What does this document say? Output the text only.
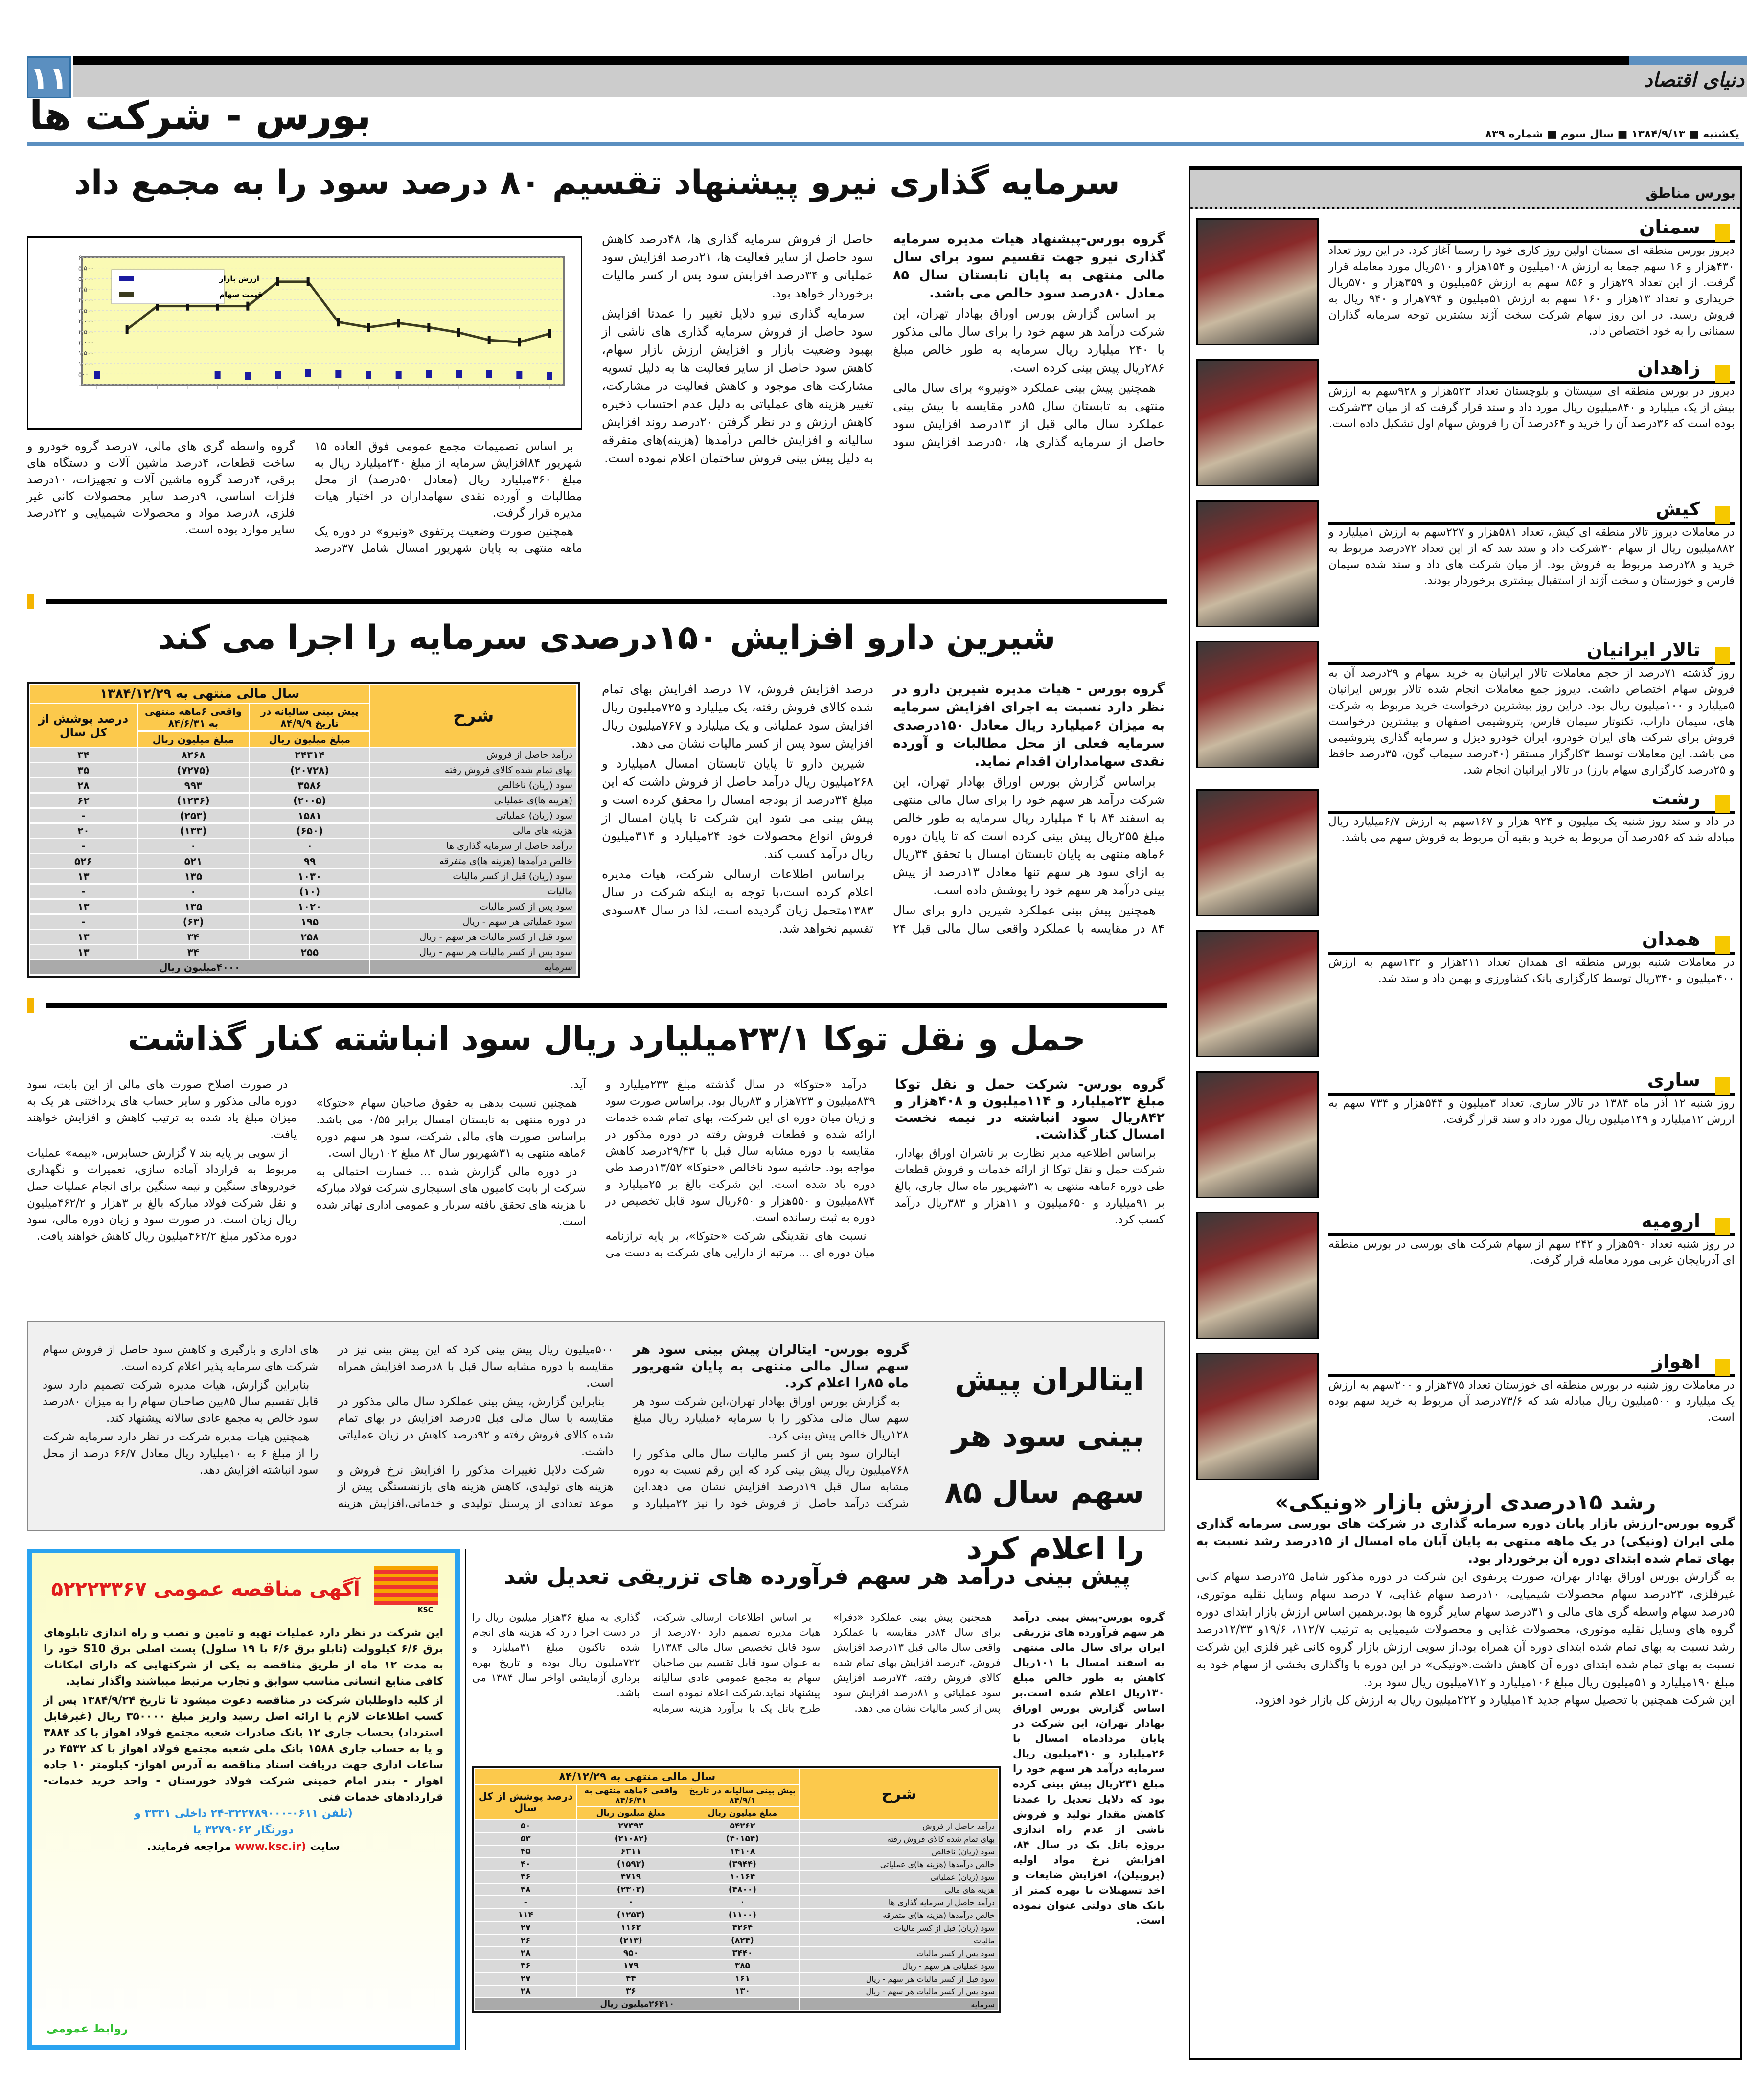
۱۱	دنیای اقتصاد
بورس - شرکت ها	یکشنبه ■ ۱۳۸۴/۹/۱۳ ■ سال سوم ■ شماره ۸۳۹
سرمایه گذاری نیرو پیشنهاد تقسیم ۸۰ درصد سود را به مجمع داد
۰
۵۰۰
۱,۰۰۰
۱,۵۰۰
۲,۰۰۰
۲,۵۰۰
۳,۰۰۰
۳,۵۰۰
۴,۰۰۰
۴,۵۰۰
۵,۰۰۰
۵,۵۰۰
۶,۰۰۰
ارزش بازار
قیمت سهام

گروه بورس-پیشنهاد هیات مدیره سرمایه گذاری نیرو جهت تقسیم سود برای سال مالی منتهی به پایان تابستان سال ۸۵ معادل ۸۰درصد سود خالص می باشد.

بر اساس گزارش بورس اوراق بهادار تهران، این شرکت درآمد هر سهم خود را برای سال مالی مذکور با ۲۴۰ میلیارد ریال سرمایه به طور خالص مبلغ ۲۸۶ریال پیش بینی کرده است.

همچنین پیش بینی عملکرد «ونیرو» برای سال مالی منتهی به تابستان سال ۸۵در مقایسه با پیش بینی عملکرد سال مالی قبل از ۱۳درصد افزایش سود حاصل از سرمایه گذاری ها، ۵۰درصد افزایش سود حاصل از فروش سرمایه گذاری ها، ۴۸درصد کاهش سود حاصل از سایر فعالیت ها، ۲۱درصد افزایش سود عملیاتی و ۳۴درصد افزایش سود پس از کسر مالیات برخوردار خواهد بود.

سرمایه گذاری نیرو دلایل تغییر را عمدتا افزایش سود حاصل از فروش سرمایه گذاری های ناشی از بهبود وضعیت بازار و افزایش ارزش بازار سهام، کاهش سود حاصل از سایر فعالیت ها به دلیل تسویه مشارکت های موجود و کاهش فعالیت در مشارکت، تغییر هزینه های عملیاتی به دلیل عدم احتساب ذخیره کاهش ارزش و در نظر گرفتن ۲۰درصد روند افزایش سالیانه و افزایش خالص درآمدها (هزینه)های متفرقه به دلیل پیش بینی فروش ساختمان اعلام نموده است.

بر اساس تصمیمات مجمع عمومی فوق العاده ۱۵ شهریور ۸۴افزایش سرمایه از مبلغ ۲۴۰میلیارد ریال به مبلغ ۳۶۰میلیارد ریال (معادل ۵۰درصد) از محل مطالبات و آورده نقدی سهامداران در اختیار هیات مدیره قرار گرفت.

همچنین صورت وضعیت پرتفوی «ونیرو» در دوره یک ماهه منتهی به پایان شهریور امسال شامل ۳۷درصد گروه واسطه گری های مالی، ۷درصد گروه خودرو و ساخت قطعات، ۴درصد ماشین آلات و دستگاه های برقی، ۴درصد گروه ماشین آلات و تجهیزات، ۱۰درصد فلزات اساسی، ۹درصد سایر محصولات کانی غیر فلزی، ۸درصد مواد و محصولات شیمیایی و ۲۲درصد سایر موارد بوده است.

شیرین دارو افزایش ۱۵۰درصدی سرمایه را اجرا می کند
شرح	سال مالی منتهی به ۱۳۸۴/۱۲/۲۹		
	پیش بینی سالیانه در تاریخ ۸۴/۹/۹	واقعی ۶ماهه منتهی به ۸۴/۶/۳۱	درصد پوشش از کل سال
	مبلغ میلیون ریال	مبلغ میلیون ریال	
درآمد حاصل از فروش	۲۴۳۱۴	۸۲۶۸	۳۴
بهای تمام شده کالای فروش رفته	(۲۰۷۲۸)	(۷۲۷۵)	۳۵
سود (زیان) ناخالص	۳۵۸۶	۹۹۳	۲۸
(هزینه ها)ی عملیاتی	(۲۰۰۵)	(۱۲۴۶)	۶۲
سود (زیان) عملیاتی	۱۵۸۱	(۲۵۳)	-
هزینه های مالی	(۶۵۰)	(۱۳۳)	۲۰
درآمد حاصل از سرمایه گذاری ها	۰	۰	-
خالص درآمدها (هزینه ها)ی متفرقه	۹۹	۵۲۱	۵۲۶
سود (زیان) قبل از کسر مالیات	۱۰۳۰	۱۳۵	۱۳
مالیات	(۱۰)	۰	-
سود پس از کسر مالیات	۱۰۲۰	۱۳۵	۱۳
سود عملیاتی هر سهم - ریال	۱۹۵	(۶۳)	-
سود قبل از کسر مالیات هر سهم - ریال	۲۵۸	۳۴	۱۳
سود پس از کسر مالیات هر سهم - ریال	۲۵۵	۳۴	۱۳
سرمایه	۴۰۰۰میلیون ریال		

گروه بورس - هیات مدیره شیرین دارو در نظر دارد نسبت به اجرای افزایش سرمایه به میزان ۶میلیارد ریال معادل ۱۵۰درصدی سرمایه فعلی از محل مطالبات و آورده نقدی سهامداران اقدام نماید.

براساس گزارش بورس اوراق بهادار تهران، این شرکت درآمد هر سهم خود را برای سال مالی منتهی به اسفند ۸۴ با ۴ میلیارد ریال سرمایه به طور خالص مبلغ ۲۵۵ریال پیش بینی کرده است که تا پایان دوره ۶ماهه منتهی به پایان تابستان امسال با تحقق ۳۴ریال به ازای سود هر سهم تنها معادل ۱۳درصد از پیش بینی درآمد هر سهم خود را پوشش داده است.

همچنین پیش بینی عملکرد شیرین دارو برای سال ۸۴ در مقایسه با عملکرد واقعی سال مالی قبل ۲۴ درصد افزایش فروش، ۱۷ درصد افزایش بهای تمام شده کالای فروش رفته، یک میلیارد و ۷۲۵میلیون ریال افزایش سود عملیاتی و یک میلیارد و ۷۶۷میلیون ریال افزایش سود پس از کسر مالیات نشان می دهد.

شیرین دارو تا پایان تابستان امسال ۸میلیارد و ۲۶۸میلیون ریال درآمد حاصل از فروش داشت که این مبلغ ۳۴درصد از بودجه امسال را محقق کرده است و پیش بینی می شود این شرکت تا پایان امسال از فروش انواع محصولات خود ۲۴میلیارد و ۳۱۴میلیون ریال درآمد کسب کند.

براساس اطلاعات ارسالی شرکت، هیات مدیره اعلام کرده است،با توجه به اینکه شرکت در سال ۱۳۸۳متحمل زیان گردیده است، لذا در سال ۸۴سودی تقسیم نخواهد شد.

حمل و نقل توکا ۲۳/۱میلیارد ریال سود انباشته کنار گذاشت

گروه بورس- شرکت حمل و نقل توکا مبلغ ۲۳میلیارد و ۱۱۴میلیون و ۴۰۸هزار و ۸۴۲ریال سود انباشته در نیمه نخست امسال کنار گذاشت.

براساس اطلاعیه مدیر نظارت بر ناشران اوراق بهادار، شرکت حمل و نقل توکا از ارائه خدمات و فروش قطعات طی دوره ۶ماهه منتهی به ۳۱شهریور ماه سال جاری، بالغ بر ۹۱میلیارد و ۶۵۰میلیون و ۱۱هزار و ۳۸۳ریال درآمد کسب کرد.

درآمد «حتوکا» در سال گذشته مبلغ ۲۳۳میلیارد و ۸۳۹میلیون و ۷۲۳هزار و ۸۳ریال بود. براساس صورت سود و زیان میان دوره ای این شرکت، بهای تمام شده خدمات ارائه شده و قطعات فروش رفته در دوره مذکور در مقایسه با دوره مشابه سال قبل با ۲۹/۴۳درصد کاهش مواجه بود. حاشیه سود ناخالص «حتوکا» ۱۳/۵۲درصد طی دوره یاد شده است. این شرکت بالغ بر ۲۵میلیارد و ۸۷۴میلیون و ۵۵۰هزار و ۶۵۰ریال سود قابل تخصیص در دوره به ثبت رسانده است.

نسبت های نقدینگی شرکت «حتوکا»، بر پایه ترازنامه میان دوره ای ... مرتبه از دارایی های شرکت به دست می آید.

همچنین نسبت بدهی به حقوق صاحبان سهام «حتوکا» در دوره منتهی به تابستان امسال برابر ۰/۵۵ می باشد. براساس صورت های مالی شرکت، سود هر سهم دوره ۶ماهه منتهی به ۳۱شهریور سال ۸۴ مبلغ ۱۰۲ریال است.

در دوره مالی گزارش شده ... خسارت احتمالی به شرکت از بابت کامیون های استیجاری شرکت فولاد مبارکه با هزینه های تحقق یافته سربار و عمومی اداری تهاتر شده است.

در صورت اصلاح صورت های مالی از این بابت، سود دوره مالی مذکور و سایر حساب های پرداختنی هر یک به میزان مبلغ یاد شده به ترتیب کاهش و افزایش خواهند یافت.

از سویی بر پایه بند ۷ گزارش حسابرس، «بیمه» عملیات مربوط به قرارداد آماده سازی، تعمیرات و نگهداری خودروهای سنگین و نیمه سنگین برای انجام عملیات حمل و نقل شرکت فولاد مبارکه بالغ بر ۳هزار و ۴۶۲/۲میلیون ریال زیان است. در صورت سود و زیان دوره مالی، سود دوره مذکور مبلغ ۴۶۲/۲میلیون ریال کاهش خواهند یافت.

ایتالران پیش بینی سود هر سهم سال ۸۵ را اعلام کرد

گروه بورس- ایتالران پیش بینی سود هر سهم سال مالی منتهی به پایان شهریور ماه ۸۵را اعلام کرد.

به گزارش بورس اوراق بهادار تهران،این شرکت سود هر سهم سال مالی مذکور را با سرمایه ۶میلیارد ریال مبلغ ۱۲۸ریال خالص پیش بینی کرد.

ایتالران سود پس از کسر مالیات سال مالی مذکور را ۷۶۸میلیون ریال پیش بینی کرد که این رقم نسبت به دوره مشابه سال قبل ۱۹درصد افزایش نشان می دهد.این شرکت درآمد حاصل از فروش خود را نیز ۲۲میلیارد و ۵۰۰میلیون ریال پیش بینی کرد که این پیش بینی نیز در مقایسه با دوره مشابه سال قبل با ۸درصد افزایش همراه است.

بنابراین گزارش، پیش بینی عملکرد سال مالی مذکور در مقایسه با سال مالی قبل ۵درصد افزایش در بهای تمام شده کالای فروش رفته و ۹۲درصد کاهش در زیان عملیاتی داشت.

شرکت دلایل تغییرات مذکور را افزایش نرخ فروش و هزینه های تولیدی، کاهش هزینه های بازنشستگی پیش از موعد تعدادی از پرسنل تولیدی و خدماتی،افزایش هزینه های اداری و بارگیری و کاهش سود حاصل از فروش سهام شرکت های سرمایه پذیر اعلام کرده است.

بنابراین گزارش، هیات مدیره شرکت تصمیم دارد سود قابل تقسیم سال ۸۵بین صاحبان سهام را به میزان ۸۰درصد سود خالص به مجمع عادی سالانه پیشنهاد کند.

همچنین هیات مدیره شرکت در نظر دارد سرمایه شرکت را از مبلغ ۶ به ۱۰میلیارد ریال معادل ۶۶/۷ درصد از محل سود انباشته افزایش دهد.

KSC
آگهی مناقصه عمومی ۵۲۲۲۳۳۶۷

این شرکت در نظر دارد عملیات تهیه و تامین و نصب و راه اندازی تابلوهای برق ۶/۶ کیلوولت (تابلو برق ۶/۶ با ۱۹ سلول) پست اصلی برق S10 خود را به مدت ۱۲ ماه از طریق مناقصه به یکی از شرکتهایی که دارای امکانات کافی منابع انسانی مناسب سوابق و تجارب مرتبط میباشند واگذار نماید.

از کلیه داوطلبان شرکت در مناقصه دعوت میشود تا تاریخ ۱۳۸۴/۹/۲۴ پس از کسب اطلاعات لازم با ارائه اصل رسید واریز مبلغ ۳۵۰۰۰۰ ریال (غیرقابل استرداد) بحساب جاری ۱۲ بانک صادرات شعبه مجتمع فولاد اهواز با کد ۳۸۸۴ و یا به حساب جاری ۱۵۸۸ بانک ملی شعبه مجتمع فولاد اهواز با کد ۴۵۳۲ در ساعات اداری جهت دریافت اسناد مناقصه به آدرس اهواز- کیلومتر ۱۰ جاده اهواز - بندر امام خمینی شرکت فولاد خوزستان - واحد خرید خدمات- قراردادهای خدمات فنی

(تلفن ۰۶۱۱-۳۲۲۷۸۹۰۰۰-۲۴ داخلی ۳۳۳۱ و
دورنگار ۳۲۷۹۰۶۲ یا
سایت (www.ksc.ir مراجعه فرمایند.
روابط عمومی
پیش بینی درآمد هر سهم فرآورده های تزریقی تعدیل شد

گروه بورس-پیش بینی درآمد هر سهم فرآورده های تزریقی ایران برای سال مالی منتهی به اسفند امسال با ۱۰۱ریال کاهش به طور خالص مبلغ ۱۳۰ریال اعلام شده است.بر اساس گزارش بورس اوراق بهادار تهران، این شرکت در پایان مردادماه امسال با ۲۶میلیارد و ۴۱۰میلیون ریال سرمایه درآمد هر سهم خود را مبلغ ۲۳۱ریال پیش بینی کرده بود که دلایل تعدیل را عمدتا کاهش مقدار تولید و فروش ناشی از عدم راه اندازی پروژه باتل پک در سال ۸۴، افزایش نرخ مواد اولیه (پروپیلن)، افزایش ضایعات و اخذ تسهیلات با بهره کمتر از بانک های دولتی عنوان نموده است.

همچنین پیش بینی عملکرد «دفرا» برای سال ۸۴در مقایسه با عملکرد واقعی سال مالی قبل ۱۳درصد افزایش فروش، ۴درصد افزایش بهای تمام شده کالای فروش رفته، ۷۴درصد افزایش سود عملیاتی و ۸۱درصد افزایش سود پس از کسر مالیات نشان می دهد.

بر اساس اطلاعات ارسالی شرکت، هیات مدیره تصمیم دارد ۷۰درصد از سود قابل تخصیص سال مالی ۱۳۸۴را به عنوان سود قابل تقسیم بین صاحبان سهام به مجمع عمومی عادی سالیانه پیشنهاد نماید.شرکت اعلام نموده است طرح باتل پک با برآورد هزینه سرمایه گذاری به مبلغ ۳۶هزار میلیون ریال را در دست اجرا دارد که هزینه های انجام شده تاکنون مبلغ ۳۱میلیارد و ۷۲۲میلیون ریال بوده و تاریخ بهره برداری آزمایشی اواخر سال ۱۳۸۴ می باشد.

شرح	سال مالی منتهی به ۸۴/۱۲/۲۹		
	پیش بینی سالیانه در تاریخ ۸۴/۹/۱	واقعی ۶ماهه منتهی به ۸۴/۶/۳۱	درصد پوشش از کل سال
	مبلغ میلیون ریال	مبلغ میلیون ریال	
درآمد حاصل از فروش	۵۴۲۶۲	۲۷۳۹۳	۵۰
بهای تمام شده کالای فروش رفته	(۴۰۱۵۴)	(۲۱۰۸۲)	۵۳
سود (زیان) ناخالص	۱۴۱۰۸	۶۳۱۱	۴۵
خالص درآمدها (هزینه ها)ی عملیاتی	(۳۹۴۴)	(۱۵۹۲)	۴۰
سود (زیان) عملیاتی	۱۰۱۶۴	۴۷۱۹	۴۶
هزینه های مالی	(۴۸۰۰)	(۲۳۰۳)	۴۸
درآمد حاصل از سرمایه گذاری ها	۰	۰	-
خالص درآمدها (هزینه ها)ی متفرقه	(۱۱۰۰)	(۱۲۵۳)	۱۱۴
سود (زیان) قبل از کسر مالیات	۴۲۶۴	۱۱۶۳	۲۷
مالیات	(۸۲۴)	(۲۱۳)	۲۶
سود پس از کسر مالیات	۳۴۴۰	۹۵۰	۲۸
سود عملیاتی هر سهم - ریال	۳۸۵	۱۷۹	۴۶
سود قبل از کسر مالیات هر سهم - ریال	۱۶۱	۴۴	۲۷
سود پس از کسر مالیات هر سهم - ریال	۱۳۰	۳۶	۲۸
سرمایه	۲۶۴۱۰میلیون ریال		
بورس مناطق
سمنان

دیروز بورس منطقه ای سمنان اولین روز کاری خود را رسما آغاز کرد. در این روز تعداد ۴۳۰هزار و ۱۶ سهم جمعا به ارزش ۱۰۸میلیون و ۱۵۴هزار و ۵۱۰ریال مورد معامله قرار گرفت. از این تعداد ۲۹هزار و ۸۵۶ سهم به ارزش ۵۶میلیون و ۳۵۹هزار و ۵۷۰ریال خریداری و تعداد ۱۳هزار و ۱۶۰ سهم به ارزش ۵۱میلیون و ۷۹۴هزار و ۹۴۰ ریال به فروش رسید. در این روز سهام شرکت سخت آژند بیشترین توجه سرمایه گذاران سمنانی را به خود اختصاص داد.

زاهدان

دیروز در بورس منطقه ای سیستان و بلوچستان تعداد ۵۲۳هزار و ۹۲۸سهم به ارزش بیش از یک میلیارد و ۸۴۰میلیون ریال مورد داد و ستد قرار گرفت که از میان ۳۳شرکت بوده است که ۳۶درصد آن را خرید و ۶۴درصد آن را فروش سهام اول تشکیل داده است.

کیش

در معاملات دیروز تالار منطقه ای کیش، تعداد ۵۸۱هزار و ۲۲۷سهم به ارزش ۱میلیارد و ۸۸۲میلیون ریال از سهام ۳۰شرکت داد و ستد شد که از این تعداد ۷۲درصد مربوط به خرید و ۲۸درصد مربوط به فروش بود. از میان شرکت های داد و ستد شده سیمان فارس و خوزستان و سخت آژند از استقبال بیشتری برخوردار بودند.

تالار ایرانیان

روز گذشته ۷۱درصد از حجم معاملات تالار ایرانیان به خرید سهام و ۲۹درصد آن به فروش سهام اختصاص داشت. دیروز جمع معاملات انجام شده تالار بورس ایرانیان ۵میلیارد و ۱۰۰میلیون ریال بود. دراین روز بیشترین درخواست خرید مربوط به شرکت های، سیمان داراب، تکنوتار سیمان فارس، پتروشیمی اصفهان و بیشترین درخواست فروش برای شرکت های ایران خودرو، ایران خودرو دیزل و سرمایه گذاری پتروشیمی می باشد. این معاملات توسط ۳کارگزار مستقر (۴۰درصد سیماب گون، ۳۵درصد حافظ و ۲۵درصد کارگزاری سهام بارز) در تالار ایرانیان انجام شد.

رشت

در داد و ستد روز شنبه یک میلیون و ۹۲۴ هزار و ۱۶۷سهم به ارزش ۶/۷میلیارد ریال مبادله شد که ۵۶درصد آن مربوط به خرید و بقیه آن مربوط به فروش سهم می باشد.

همدان

در معاملات شنبه بورس منطقه ای همدان تعداد ۲۱۱هزار و ۱۳۲سهم به ارزش ۴۰۰میلیون و ۳۴۰ریال توسط کارگزاری بانک کشاورزی و بهمن داد و ستد شد.

ساری

روز شنبه ۱۲ آذر ماه ۱۳۸۴ در تالار ساری، تعداد ۳میلیون و ۵۴۴هزار و ۷۳۴ سهم به ارزش ۱۲میلیارد و ۱۴۹میلیون ریال مورد داد و ستد قرار گرفت.

ارومیه

در روز شنبه تعداد ۵۹۰هزار و ۲۴۲ سهم از سهام شرکت های بورسی در بورس منطقه ای آذربایجان غربی مورد معامله قرار گرفت.

اهواز

در معاملات روز شنبه در بورس منطقه ای خوزستان تعداد ۴۷۵هزار و ۲۰۰سهم به ارزش یک میلیارد و ۵۰۰میلیون ریال مبادله شد که ۷۳/۶درصد آن مربوط به خرید سهم بوده است.

رشد ۱۵درصدی ارزش بازار «ونیکی»

گروه بورس-ارزش بازار پایان دوره سرمایه گذاری در شرکت های بورسی سرمایه گذاری ملی ایران (ونیکی) در یک ماهه منتهی به پایان آبان ماه امسال از ۱۵درصد رشد نسبت به بهای تمام شده ابتدای دوره آن برخوردار بود.

به گزارش بورس اوراق بهادار تهران، صورت پرتفوی این شرکت در دوره مذکور شامل ۲۵درصد سهام کانی غیرفلزی، ۲۳درصد سهام محصولات شیمیایی، ۱۰درصد سهام غذایی، ۷ درصد سهام وسایل نقلیه موتوری، ۵درصد سهام واسطه گری های مالی و ۳۱درصد سهام سایر گروه ها بود.برهمین اساس ارزش بازار ابتدای دوره گروه های وسایل نقلیه موتوری، محصولات غذایی و محصولات شیمیایی به ترتیب ۱۱۲/۷، ۱۹/۶و ۱۲/۳۳درصد رشد نسبت به بهای تمام شده ابتدای دوره آن همراه بود.از سویی ارزش بازار گروه کانی غیر فلزی این شرکت نسبت به بهای تمام شده ابتدای دوره آن کاهش داشت.«ونیکی» در این دوره با واگذاری بخشی از سهام خود به مبلغ ۱۹۰میلیارد و ۵۱میلیون ریال مبلغ ۱۰۶میلیارد و ۷۱۲میلیون ریال سود برد.

این شرکت همچنین با تحصیل سهام جدید ۱۴میلیارد و ۲۲۲میلیون ریال به ارزش کل بازار خود افزود.
